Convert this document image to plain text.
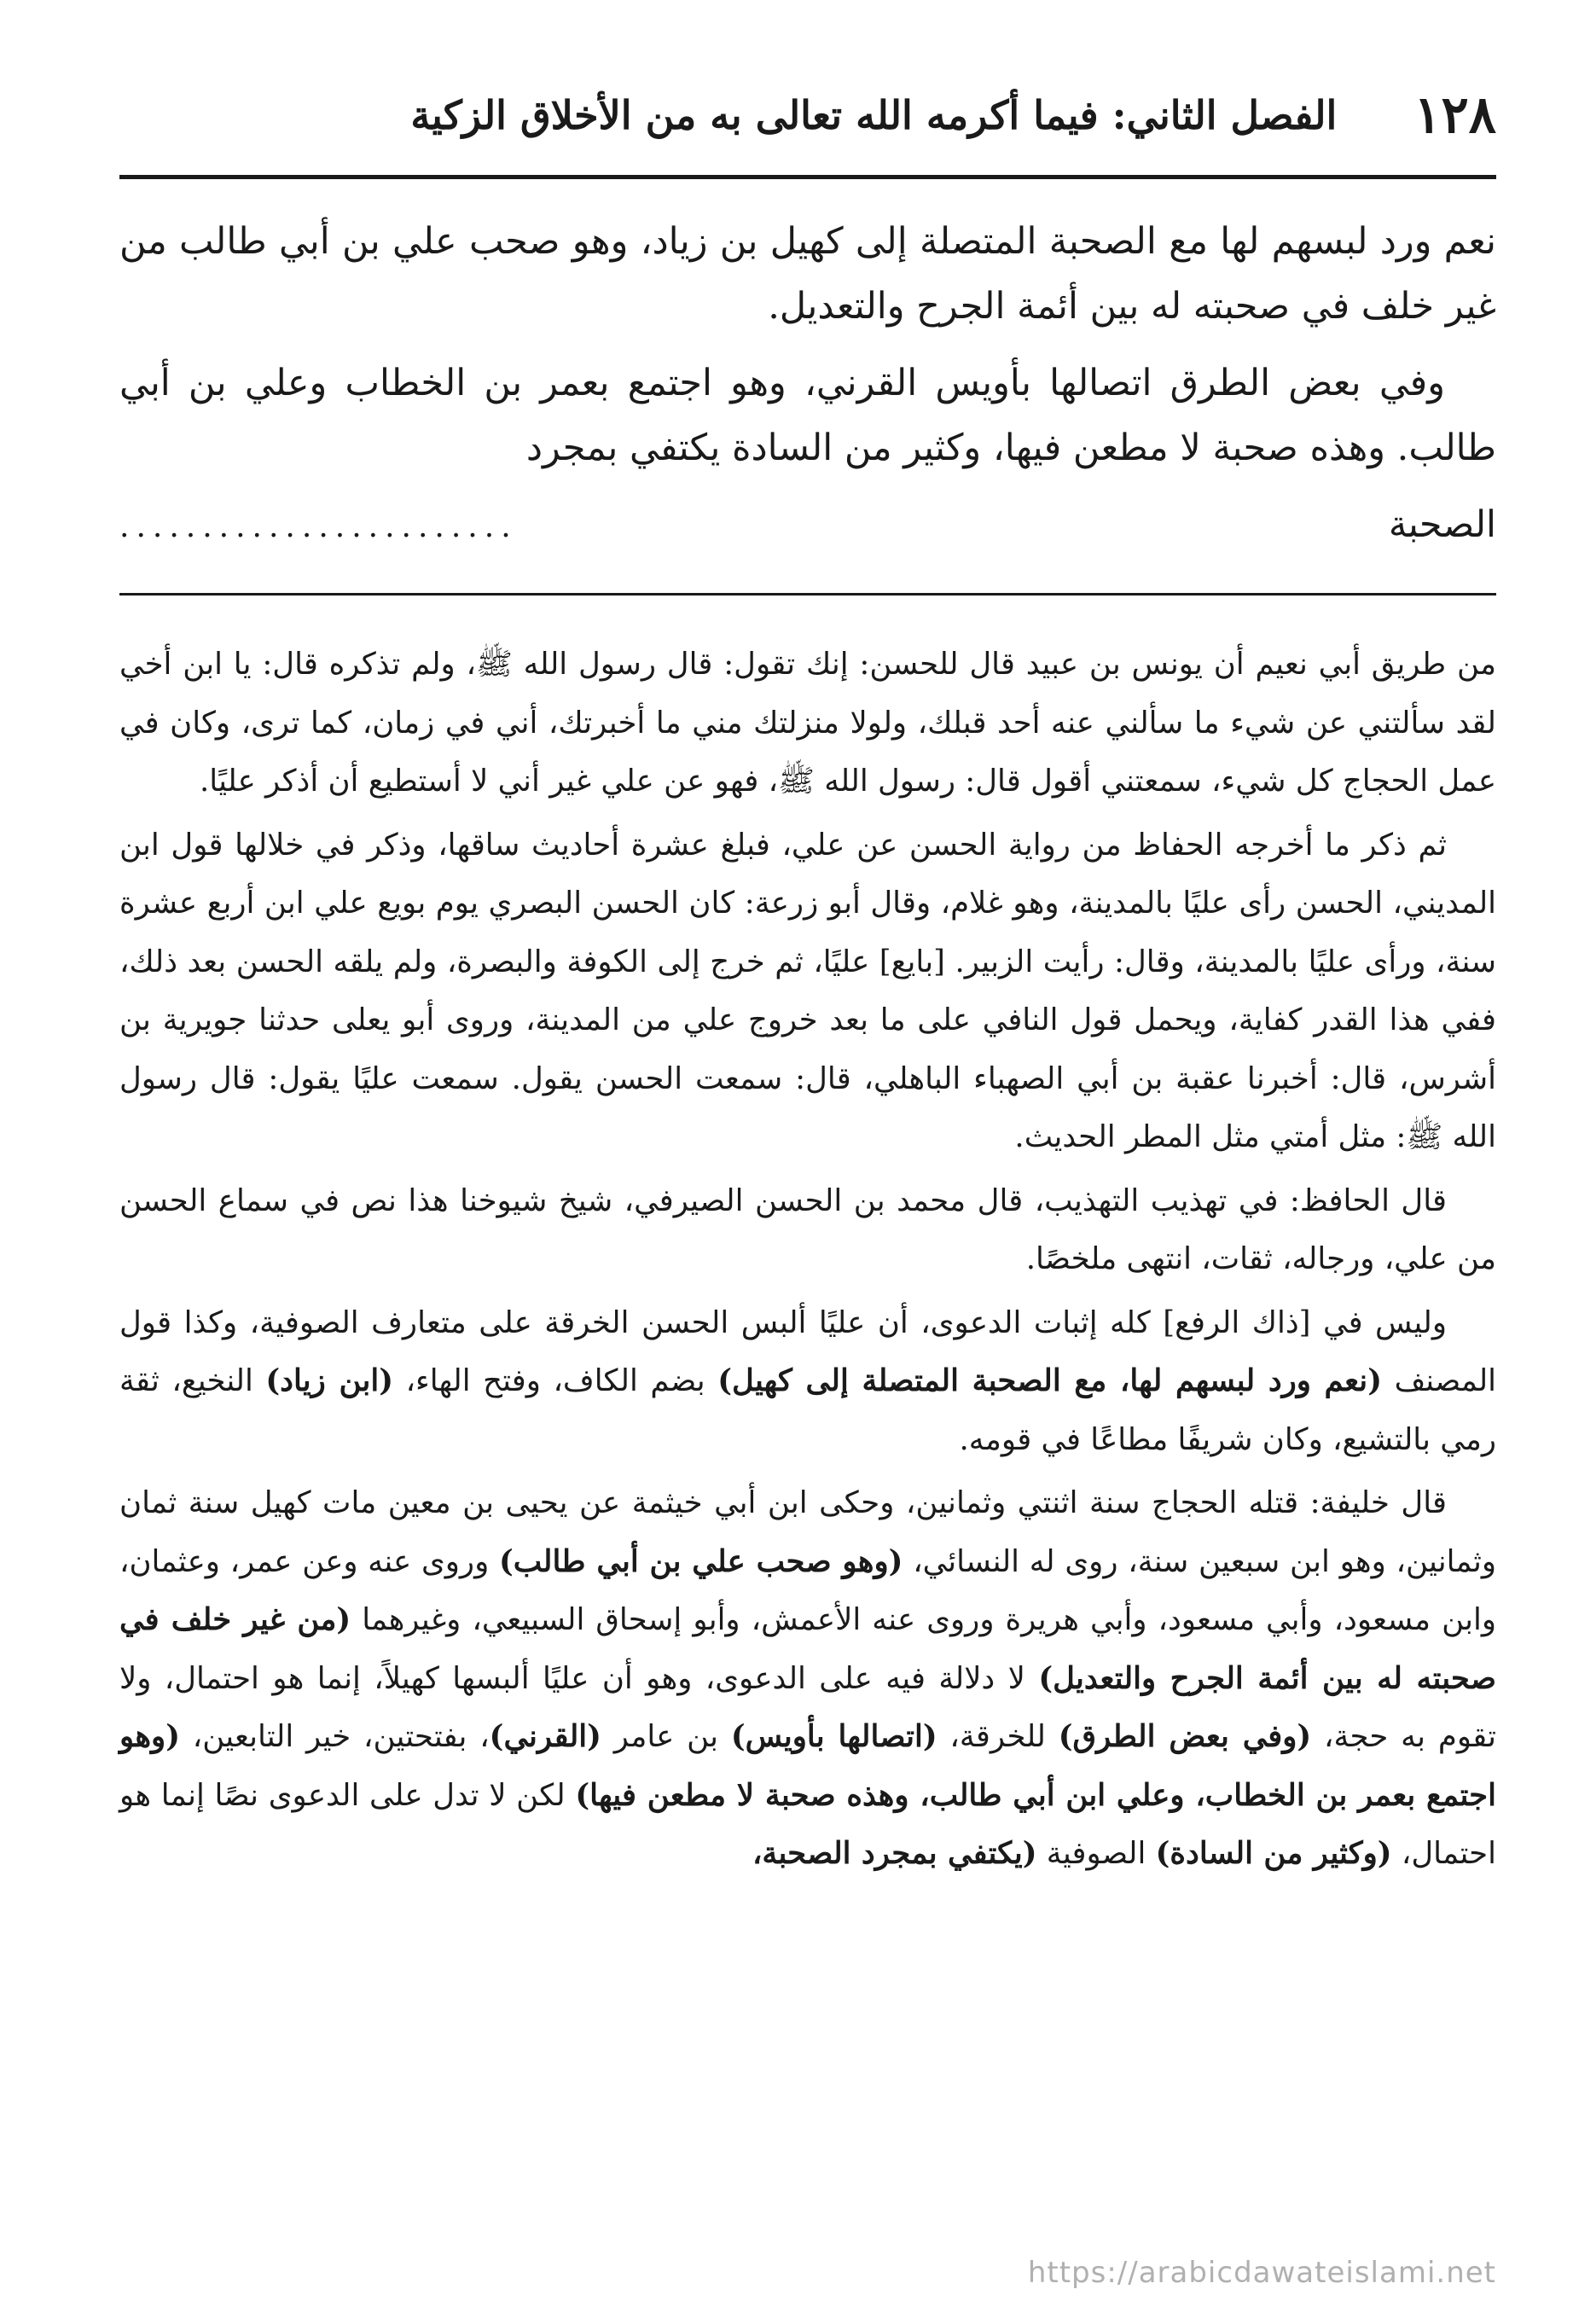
١٢٨
الفصل الثاني: فيما أكرمه الله تعالى به من الأخلاق الزكية

نعم ورد لبسهم لها مع الصحبة المتصلة إلى كهيل بن زياد، وهو صحب علي بن أبي طالب من غير خلف في صحبته له بين أئمة الجرح والتعديل.

وفي بعض الطرق اتصالها بأويس القرني، وهو اجتمع بعمر بن الخطاب وعلي بن أبي طالب. وهذه صحبة لا مطعن فيها، وكثير من السادة يكتفي بمجرد

الصحبة
........................

من طريق أبي نعيم أن يونس بن عبيد قال للحسن: إنك تقول: قال رسول الله ﷺ، ولم تذكره قال: يا ابن أخي لقد سألتني عن شيء ما سألني عنه أحد قبلك، ولولا منزلتك مني ما أخبرتك، أني في زمان، كما ترى، وكان في عمل الحجاج كل شيء، سمعتني أقول قال: رسول الله ﷺ، فهو عن علي غير أني لا أستطيع أن أذكر عليًا.

ثم ذكر ما أخرجه الحفاظ من رواية الحسن عن علي، فبلغ عشرة أحاديث ساقها، وذكر في خلالها قول ابن المديني، الحسن رأى عليًا بالمدينة، وهو غلام، وقال أبو زرعة: كان الحسن البصري يوم بويع علي ابن أربع عشرة سنة، ورأى عليًا بالمدينة، وقال: رأيت الزبير. [بايع] عليًا، ثم خرج إلى الكوفة والبصرة، ولم يلقه الحسن بعد ذلك، ففي هذا القدر كفاية، ويحمل قول النافي على ما بعد خروج علي من المدينة، وروى أبو يعلى حدثنا جويرية بن أشرس، قال: أخبرنا عقبة بن أبي الصهباء الباهلي، قال: سمعت الحسن يقول. سمعت عليًا يقول: قال رسول الله ﷺ: مثل أمتي مثل المطر الحديث.

قال الحافظ: في تهذيب التهذيب، قال محمد بن الحسن الصيرفي، شيخ شيوخنا هذا نص في سماع الحسن من علي، ورجاله، ثقات، انتهى ملخصًا.

وليس في [ذاك الرفع] كله إثبات الدعوى، أن عليًا ألبس الحسن الخرقة على متعارف الصوفية، وكذا قول المصنف (نعم ورد لبسهم لها، مع الصحبة المتصلة إلى كهيل) بضم الكاف، وفتح الهاء، (ابن زياد) النخيع، ثقة رمي بالتشيع، وكان شريفًا مطاعًا في قومه.

قال خليفة: قتله الحجاج سنة اثنتي وثمانين، وحكى ابن أبي خيثمة عن يحيى بن معين مات كهيل سنة ثمان وثمانين، وهو ابن سبعين سنة، روى له النسائي، (وهو صحب علي بن أبي طالب) وروى عنه وعن عمر، وعثمان، وابن مسعود، وأبي مسعود، وأبي هريرة وروى عنه الأعمش، وأبو إسحاق السبيعي، وغيرهما (من غير خلف في صحبته له بين أئمة الجرح والتعديل) لا دلالة فيه على الدعوى، وهو أن عليًا ألبسها كهيلاً، إنما هو احتمال، ولا تقوم به حجة، (وفي بعض الطرق) للخرقة، (اتصالها بأويس) بن عامر (القرني)، بفتحتين، خير التابعين، (وهو اجتمع بعمر بن الخطاب، وعلي ابن أبي طالب، وهذه صحبة لا مطعن فيها) لكن لا تدل على الدعوى نصًا إنما هو احتمال، (وكثير من السادة) الصوفية (يكتفي بمجرد الصحبة،

https://arabicdawateislami.net
